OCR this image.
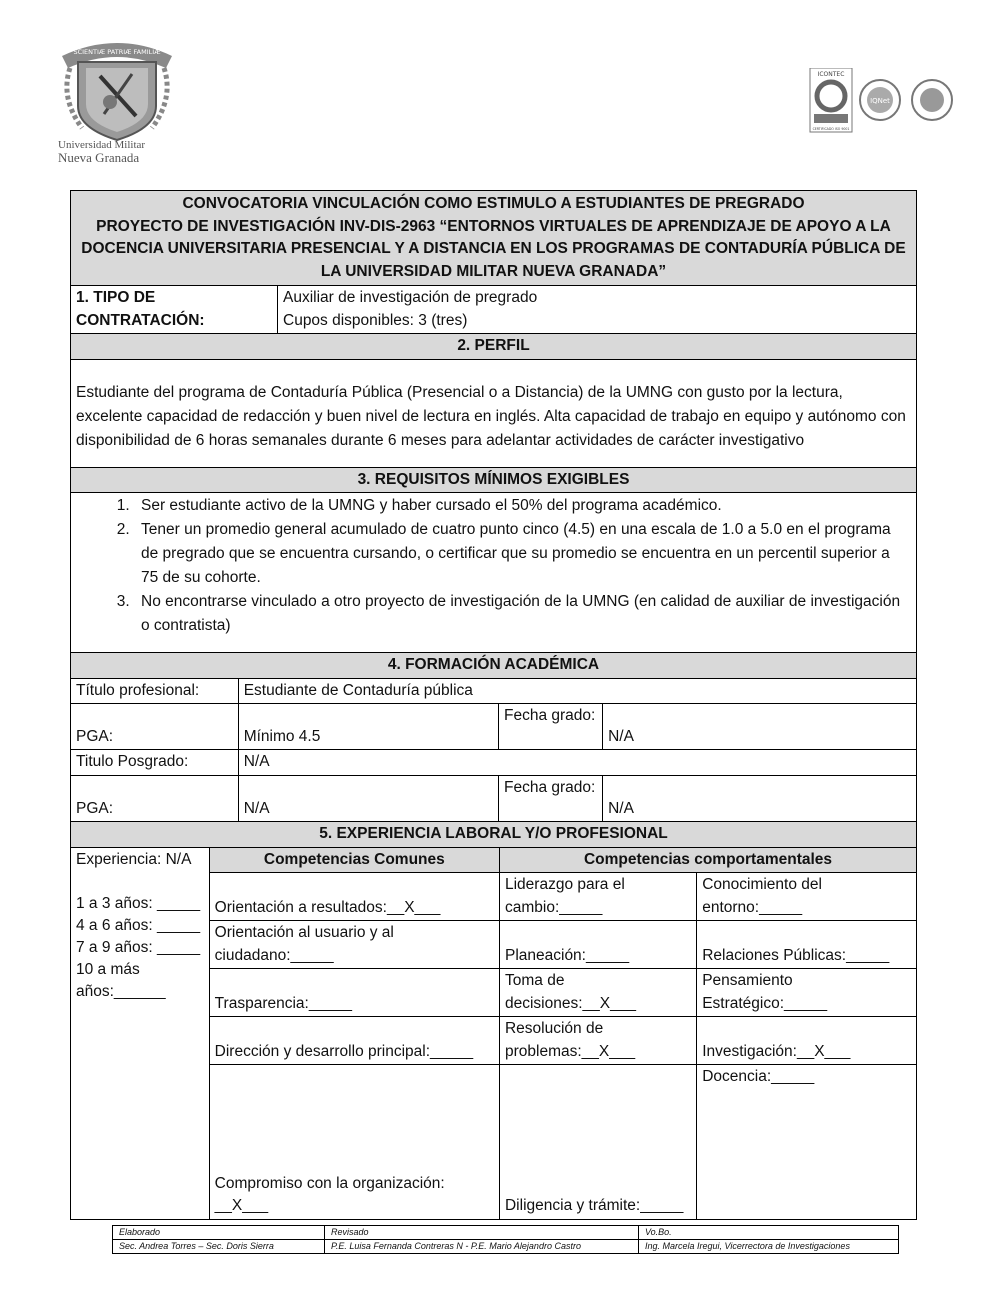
SCIENTIÆ PATRIÆ FAMILIÆ
Universidad Militar
Nueva Granada
ICONTEC
CERTIFICADO ISO 9001
IQNet
CONVOCATORIA VINCULACIÓN COMO ESTIMULO A ESTUDIANTES DE PREGRADO
PROYECTO DE INVESTIGACIÓN INV-DIS-2963 “ENTORNOS VIRTUALES DE APRENDIZAJE DE APOYO A LA DOCENCIA UNIVERSITARIA PRESENCIAL Y A DISTANCIA EN LOS PROGRAMAS DE CONTADURÍA PÚBLICA DE LA UNIVERSIDAD MILITAR NUEVA GRANADA”

1. TIPO DE CONTRATACIÓN:	
Auxiliar de investigación de pregrado
Cupos disponibles: 3 (tres)

2. PERFIL
Estudiante del programa de Contaduría Pública (Presencial o a Distancia) de la UMNG con gusto por la lectura, excelente capacidad de redacción y buen nivel de lectura en inglés. Alta capacidad de trabajo en equipo y autónomo con disponibilidad de 6 horas semanales durante 6 meses para adelantar actividades de carácter investigativo
3. REQUISITOS MÍNIMOS EXIGIBLES

1. Ser estudiante activo de la UMNG y haber cursado el 50% del programa académico.
2. Tener un promedio general acumulado de cuatro punto cinco (4.5) en una escala de 1.0 a 5.0 en el programa de pregrado que se encuentra cursando, o certificar que su promedio se encuentra en un percentil superior a 75 de su cohorte.
3. No encontrarse vinculado a otro proyecto de investigación de la UMNG (en calidad de auxiliar de investigación o contratista)

4. FORMACIÓN ACADÉMICA

Título profesional:	Estudiante de Contaduría pública
PGA:	Mínimo 4.5	Fecha grado:	N/A
Titulo Posgrado:	N/A
PGA:	N/A	Fecha grado:	N/A

5. EXPERIENCIA LABORAL Y/O PROFESIONAL

Experiencia: N/A
1 a 3 años: _____
4 a 6 años: _____
7 a 9 años: _____
10 a más años:______
	Competencias Comunes	Competencias comportamentales
Orientación a resultados:__X___	Liderazgo para el cambio:_____	Conocimiento del entorno:_____
Orientación al usuario y al ciudadano:_____	Planeación:_____	Relaciones Públicas:_____
Trasparencia:_____	Toma de decisiones:__X___	Pensamiento Estratégico:_____
Dirección y desarrollo principal:_____	Resolución de problemas:__X___	Investigación:__X___
Compromiso con la organización: __X___	Diligencia y trámite:_____	Docencia:_____
Elaborado	Revisado	Vo.Bo.
Sec. Andrea Torres – Sec. Doris Sierra	P.E. Luisa Fernanda Contreras N - P.E. Mario Alejandro Castro	Ing. Marcela Iregui, Vicerrectora de Investigaciones
